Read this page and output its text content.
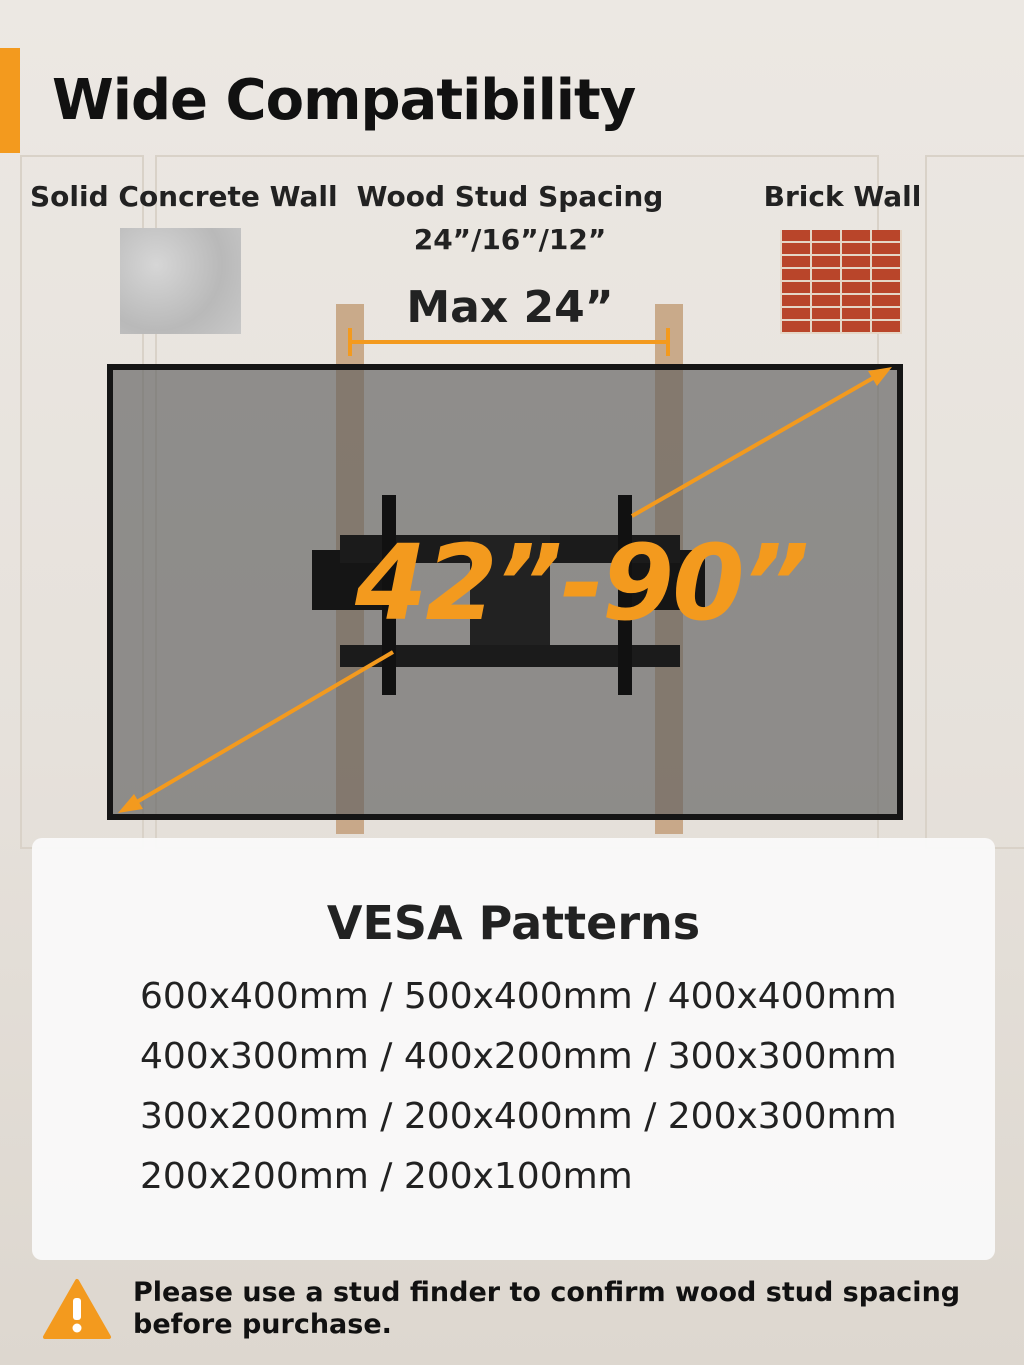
Wide Compatibility
Solid Concrete Wall Wood Stud Spacing
24”/16”/12”
Brick Wall
Max 24”
42”-90”
VESA Patterns
600x400mm / 500x400mm / 400x400mm
400x300mm / 400x200mm / 300x300mm
300x200mm / 200x400mm / 200x300mm
200x200mm / 200x100mm

Please use a stud finder to confirm wood stud spacing before purchase.
